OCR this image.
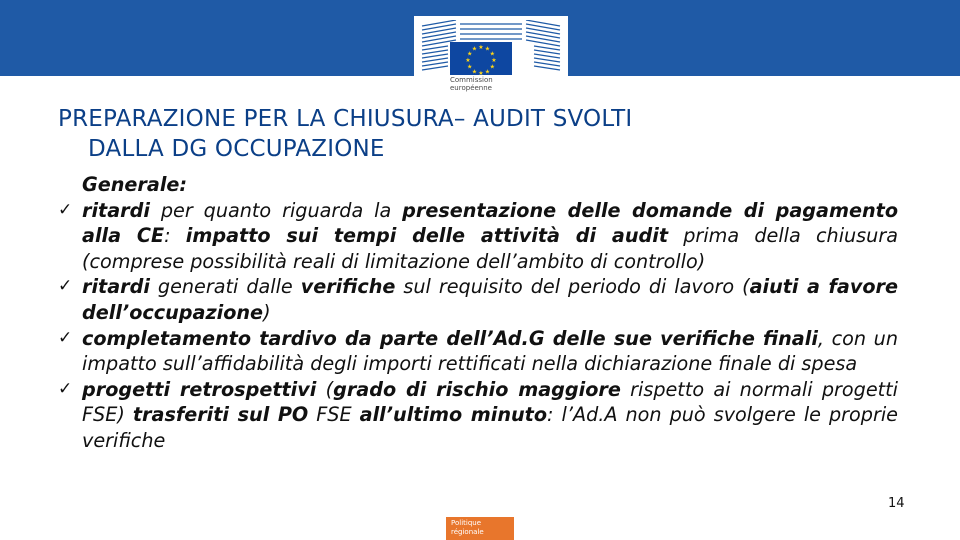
★ ★
★
★
★
★
★
★
★
★
★
★
Commission
européenne
PREPARAZIONE PER LA CHIUSURA– AUDIT SVOLTI
DALLA DG OCCUPAZIONE
Generale:
✓ ritardi per quanto riguarda la presentazione delle domande di pagamento alla CE: impatto sui tempi delle attività di audit prima della chiusura (comprese possibilità reali di limitazione dell’ambito di controllo)
✓ ritardi generati dalle verifiche sul requisito del periodo di lavoro (aiuti a favore dell’occupazione)
✓ completamento tardivo da parte dell’Ad.G delle sue verifiche finali, con un impatto sull’affidabilità degli importi rettificati nella dichiarazione finale di spesa
✓ progetti retrospettivi (grado di rischio maggiore rispetto ai normali progetti FSE) trasferiti sul PO FSE all’ultimo minuto: l’Ad.A non può svolgere le proprie verifiche
14
Politique
régionale
